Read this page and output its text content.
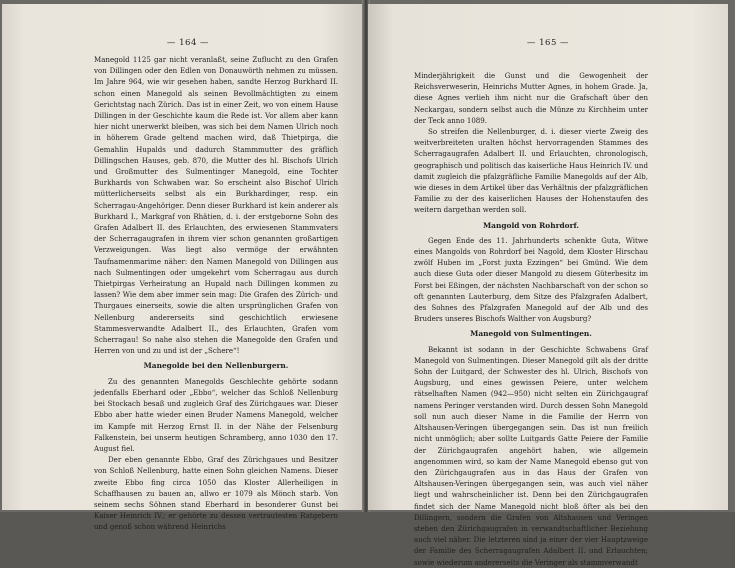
— 164 —

Manegold 1125 gar nicht veranlaßt, seine Zuflucht zu den Grafen von Dillingen oder den Edlen von Donauwörth nehmen zu müssen. Im Jahre 964, wie wir gesehen haben, sandte Herzog Burkhard II. schon einen Manegold als seinen Bevollmächtigten zu einem Gerichtstag nach Zürich. Das ist in einer Zeit, wo von einem Hause Dillingen in der Geschichte kaum die Rede ist. Vor allem aber kann hier nicht unerwerkt bleiben, was sich bei dem Namen Ulrich noch in höherem Grade geltend machen wird, daß Thietpirga, die Gemahlin Hupalds und dadurch Stammmutter des gräflich Dillingschen Hauses, geb. 870, die Mutter des hl. Bischofs Ulrich und Großmutter des Sulmentinger Manegold, eine Tochter Burkhards von Schwaben war. So erscheint also Bischof Ulrich mütterlicherseits selbst als ein Burkhardinger, resp. ein Scherragau-Angehöriger. Denn dieser Burkhard ist kein anderer als Burkhard I., Markgraf von Rhätien, d. i. der erstgeborne Sohn des Grafen Adalbert II. des Erlauchten, des erwiesenen Stammvaters der Scherragaugrafen in ihrem vier schon genannten großartigen Verzweigungen. Was liegt also vermöge der erwähnten Taufnamenmarime näher: den Namen Manegold von Dillingen aus nach Sulmentingen oder umgekehrt vom Scherragau aus durch Thietpirgas Verheiratung an Hupald nach Dillingen kommen zu lassen? Wie dem aber immer sein mag: Die Grafen des Zürich- und Thurgaues einerseits, sowie die alten ursprünglichen Grafen von Nellenburg andererseits sind geschichtlich erwiesene Stammesverwandte Adalbert II., des Erlauchten, Grafen vom Scherragau! So nahe also stehen die Manegolde den Grafen und Herren von und zu und ist der „Schere“!

Manegolde bei den Nellenburgern.

Zu des genannten Manegolds Geschlechte gehörte sodann jedenfalls Eberhard oder „Ebbo“, welcher das Schloß Nellenburg bei Stockach besaß und zugleich Graf des Zürichgaues war. Dieser Ebbo aber hatte wieder einen Bruder Namens Manegold, welcher im Kampfe mit Herzog Ernst II. in der Nähe der Felsenburg Falkenstein, bei unserm heutigen Schramberg, anno 1030 den 17. August fiel.

Der eben genannte Ebbo, Graf des Zürichgaues und Besitzer von Schloß Nellenburg, hatte einen Sohn gleichen Namens. Dieser zweite Ebbo fing circa 1050 das Kloster Allerheiligen in Schaffhausen zu bauen an, allwo er 1079 als Mönch starb. Von seinem sechs Söhnen stand Eberhard in besonderer Gunst bei Kaiser Heinrich IV.; er gehörte zu dessen vertrautesten Ratgebern und genoß schon während Heinrichs

— 165 —

Minderjährigkeit die Gunst und die Gewogenheit der Reichsverweserin, Heinrichs Mutter Agnes, in hohem Grade. Ja, diese Agnes verlieh ihm nicht nur die Grafschaft über den Neckargau, sondern selbst auch die Münze zu Kirchheim unter der Teck anno 1089.

So streifen die Nellenburger, d. i. dieser vierte Zweig des weitverbreiteten uralten höchst hervorragenden Stammes des Scherragaugrafen Adalbert II. und Erlauchten, chronologisch, geographisch und politisch das kaiserliche Haus Heinrich IV. und damit zugleich die pfalzgräfliche Familie Manegolds auf der Alb, wie dieses in dem Artikel über das Verhältnis der pfalzgräflichen Familie zu der des kaiserlichen Hauses der Hohenstaufen des weitern dargethan werden soll.

Mangold von Rohrdorf.

Gegen Ende des 11. Jahrhunderts schenkte Guta, Witwe eines Mangolds von Rohrdorf bei Nagold, dem Kloster Hirschau zwölf Huben im „Forst juxta Ezzingen“ bei Gmünd. Wie dem auch diese Guta oder dieser Mangold zu diesem Güterbesitz im Forst bei Eßingen, der nächsten Nachbarschaft von der schon so oft genannten Lauterburg, dem Sitze des Pfalzgrafen Adalbert, des Sohnes des Pfalzgrafen Manegold auf der Alb und des Bruders unseres Bischofs Walther von Augsburg?

Manegold von Sulmentingen.

Bekannt ist sodann in der Geschichte Schwabens Graf Manegold von Sulmentingen. Dieser Manegold gilt als der dritte Sohn der Luitgard, der Schwester des hl. Ulrich, Bischofs von Augsburg, und eines gewissen Peiere, unter welchem rätselhaften Namen (942—950) nicht selten ein Zürichgaugraf namens Peringer verstanden wird. Durch dessen Sohn Manegold soll nun auch dieser Name in die Familie der Herrn von Altshausen-Veringen übergegangen sein. Das ist nun freilich nicht unmöglich; aber sollte Luitgards Gatte Peiere der Familie der Zürichgaugrafen angehört haben, wie allgemein angenommen wird, so kam der Name Manegold ebenso gut von den Zürichgaugrafen aus in das Haus der Grafen von Altshausen-Veringen übergegangen sein, was auch viel näher liegt und wahrscheinlicher ist. Denn bei den Zürichgaugrafen findet sich der Name Manegold nicht bloß öfter als bei den Dillingern, sondern die Grafen von Altshausen und Veringen stehen den Zürichgaugrafen in verwandtschaftlicher Beziehung auch viel näher. Die letzteren sind ja einer der vier Hauptzweige der Familie des Scherragaugrafen Adalbert II. und Erlauchten; sowie wiederum andererseits die Veringer als stammverwandt
